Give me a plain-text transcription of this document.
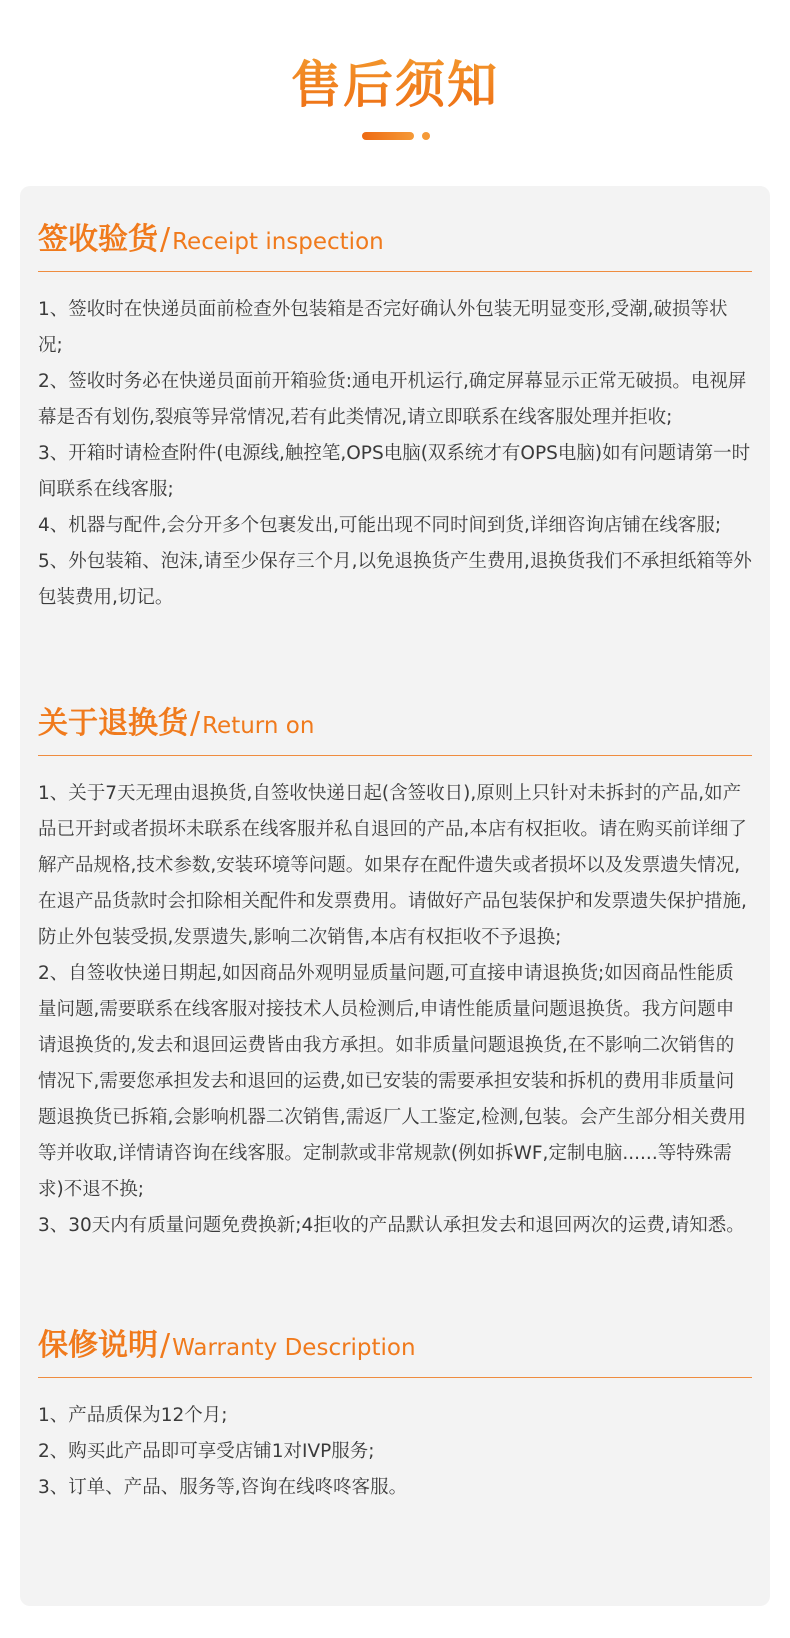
售后须知
签收验货 / Receipt inspection
1、签收时在快递员面前检查外包装箱是否完好确认外包装无明显变形,受潮,破损等状况;
2、签收时务必在快递员面前开箱验货:通电开机运行,确定屏幕显示正常无破损。电视屏幕是否有划伤,裂痕等异常情况,若有此类情况,请立即联系在线客服处理并拒收;
3、开箱时请检查附件(电源线,触控笔,OPS电脑(双系统才有OPS电脑)如有问题请第一时间联系在线客服;
4、机器与配件,会分开多个包裹发出,可能出现不同时间到货,详细咨询店铺在线客服;
5、外包装箱、泡沫,请至少保存三个月,以免退换货产生费用,退换货我们不承担纸箱等外包装费用,切记。
关于退换货 / Return on
1、关于7天无理由退换货,自签收快递日起(含签收日),原则上只针对未拆封的产品,如产品已开封或者损坏未联系在线客服并私自退回的产品,本店有权拒收。请在购买前详细了解产品规格,技术参数,安装环境等问题。如果存在配件遗失或者损坏以及发票遗失情况,在退产品货款时会扣除相关配件和发票费用。请做好产品包装保护和发票遗失保护措施,防止外包装受损,发票遗失,影响二次销售,本店有权拒收不予退换;
2、自签收快递日期起,如因商品外观明显质量问题,可直接申请退换货;如因商品性能质量问题,需要联系在线客服对接技术人员检测后,申请性能质量问题退换货。我方问题申请退换货的,发去和退回运费皆由我方承担。如非质量问题退换货,在不影响二次销售的情况下,需要您承担发去和退回的运费,如已安装的需要承担安装和拆机的费用非质量问题退换货已拆箱,会影响机器二次销售,需返厂人工鉴定,检测,包装。会产生部分相关费用等并收取,详情请咨询在线客服。定制款或非常规款(例如拆WF,定制电脑......等特殊需求)不退不换;
3、30天内有质量问题免费换新;4拒收的产品默认承担发去和退回两次的运费,请知悉。
保修说明 / Warranty Description
1、产品质保为12个月;
2、购买此产品即可享受店铺1对IVP服务;
3、订单、产品、服务等,咨询在线咚咚客服。
